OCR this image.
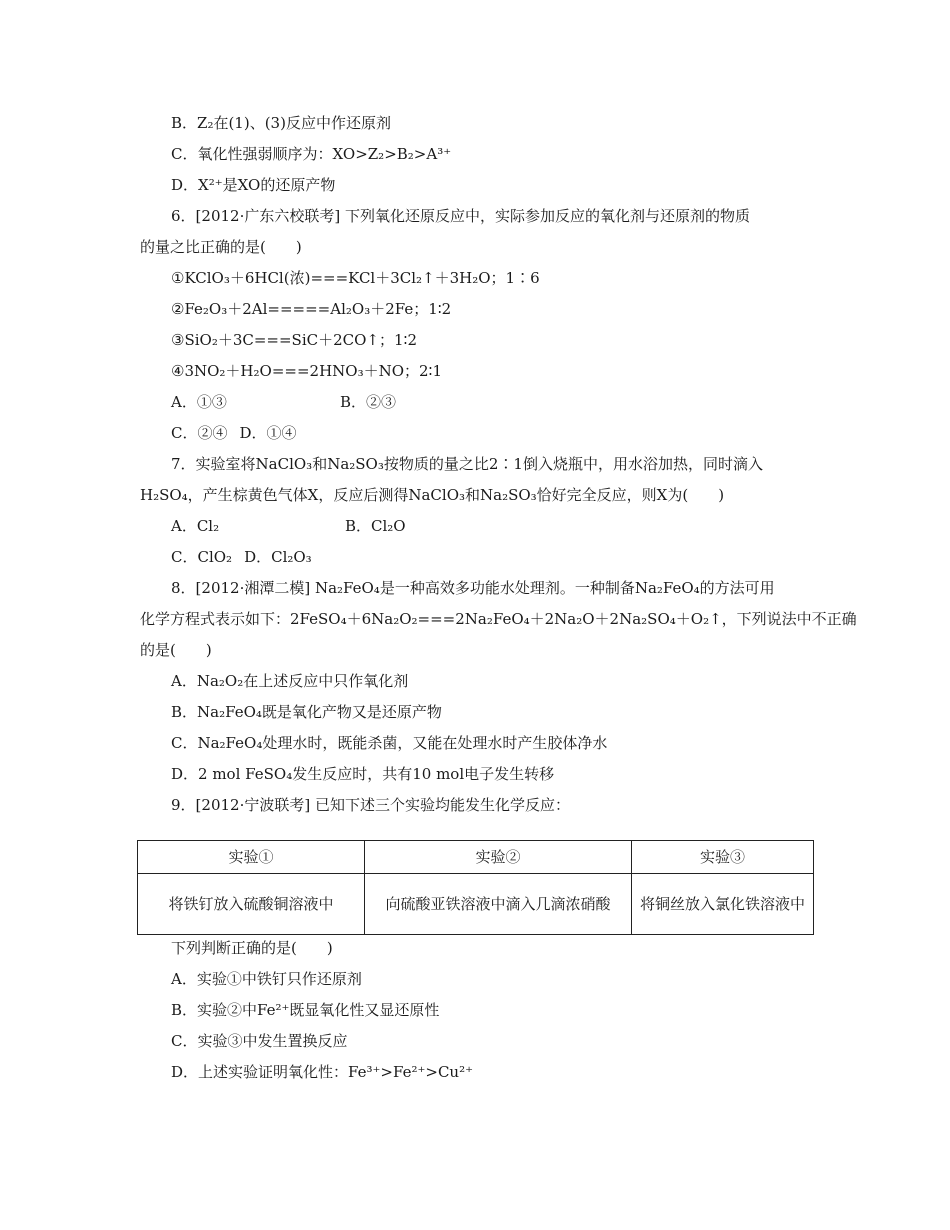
B．Z₂在(1)、(3)反应中作还原剂
C．氧化性强弱顺序为：XO>Z₂>B₂>A³⁺
D．X²⁺是XO的还原产物
6．[2012·广东六校联考] 下列氧化还原反应中，实际参加反应的氧化剂与还原剂的物质
的量之比正确的是(　　)
①KClO₃＋6HCl(浓)===KCl＋3Cl₂↑＋3H₂O；1∶6
②Fe₂O₃＋2Al=====Al₂O₃＋2Fe；1∶2
③SiO₂＋3C===SiC＋2CO↑；1∶2
④3NO₂＋H₂O===2HNO₃＋NO；2∶1
A．①③	B．②③
C．②④ D．①④
7．实验室将NaClO₃和Na₂SO₃按物质的量之比2∶1倒入烧瓶中，用水浴加热，同时滴入
H₂SO₄，产生棕黄色气体X，反应后测得NaClO₃和Na₂SO₃恰好完全反应，则X为(　　)
A．Cl₂	B．Cl₂O
C．ClO₂ D．Cl₂O₃
8．[2012·湘潭二模] Na₂FeO₄是一种高效多功能水处理剂。一种制备Na₂FeO₄的方法可用
化学方程式表示如下：2FeSO₄＋6Na₂O₂===2Na₂FeO₄＋2Na₂O＋2Na₂SO₄＋O₂↑，下列说法中不正确
的是(　　)
A．Na₂O₂在上述反应中只作氧化剂
B．Na₂FeO₄既是氧化产物又是还原产物
C．Na₂FeO₄处理水时，既能杀菌，又能在处理水时产生胶体净水
D．2 mol FeSO₄发生反应时，共有10 mol电子发生转移
9．[2012·宁波联考] 已知下述三个实验均能发生化学反应：
实验①	实验②	实验③
将铁钉放入硫酸铜溶液中	向硫酸亚铁溶液中滴入几滴浓硝酸	将铜丝放入氯化铁溶液中
下列判断正确的是(　　)
A．实验①中铁钉只作还原剂
B．实验②中Fe²⁺既显氧化性又显还原性
C．实验③中发生置换反应
D．上述实验证明氧化性：Fe³⁺>Fe²⁺>Cu²⁺
